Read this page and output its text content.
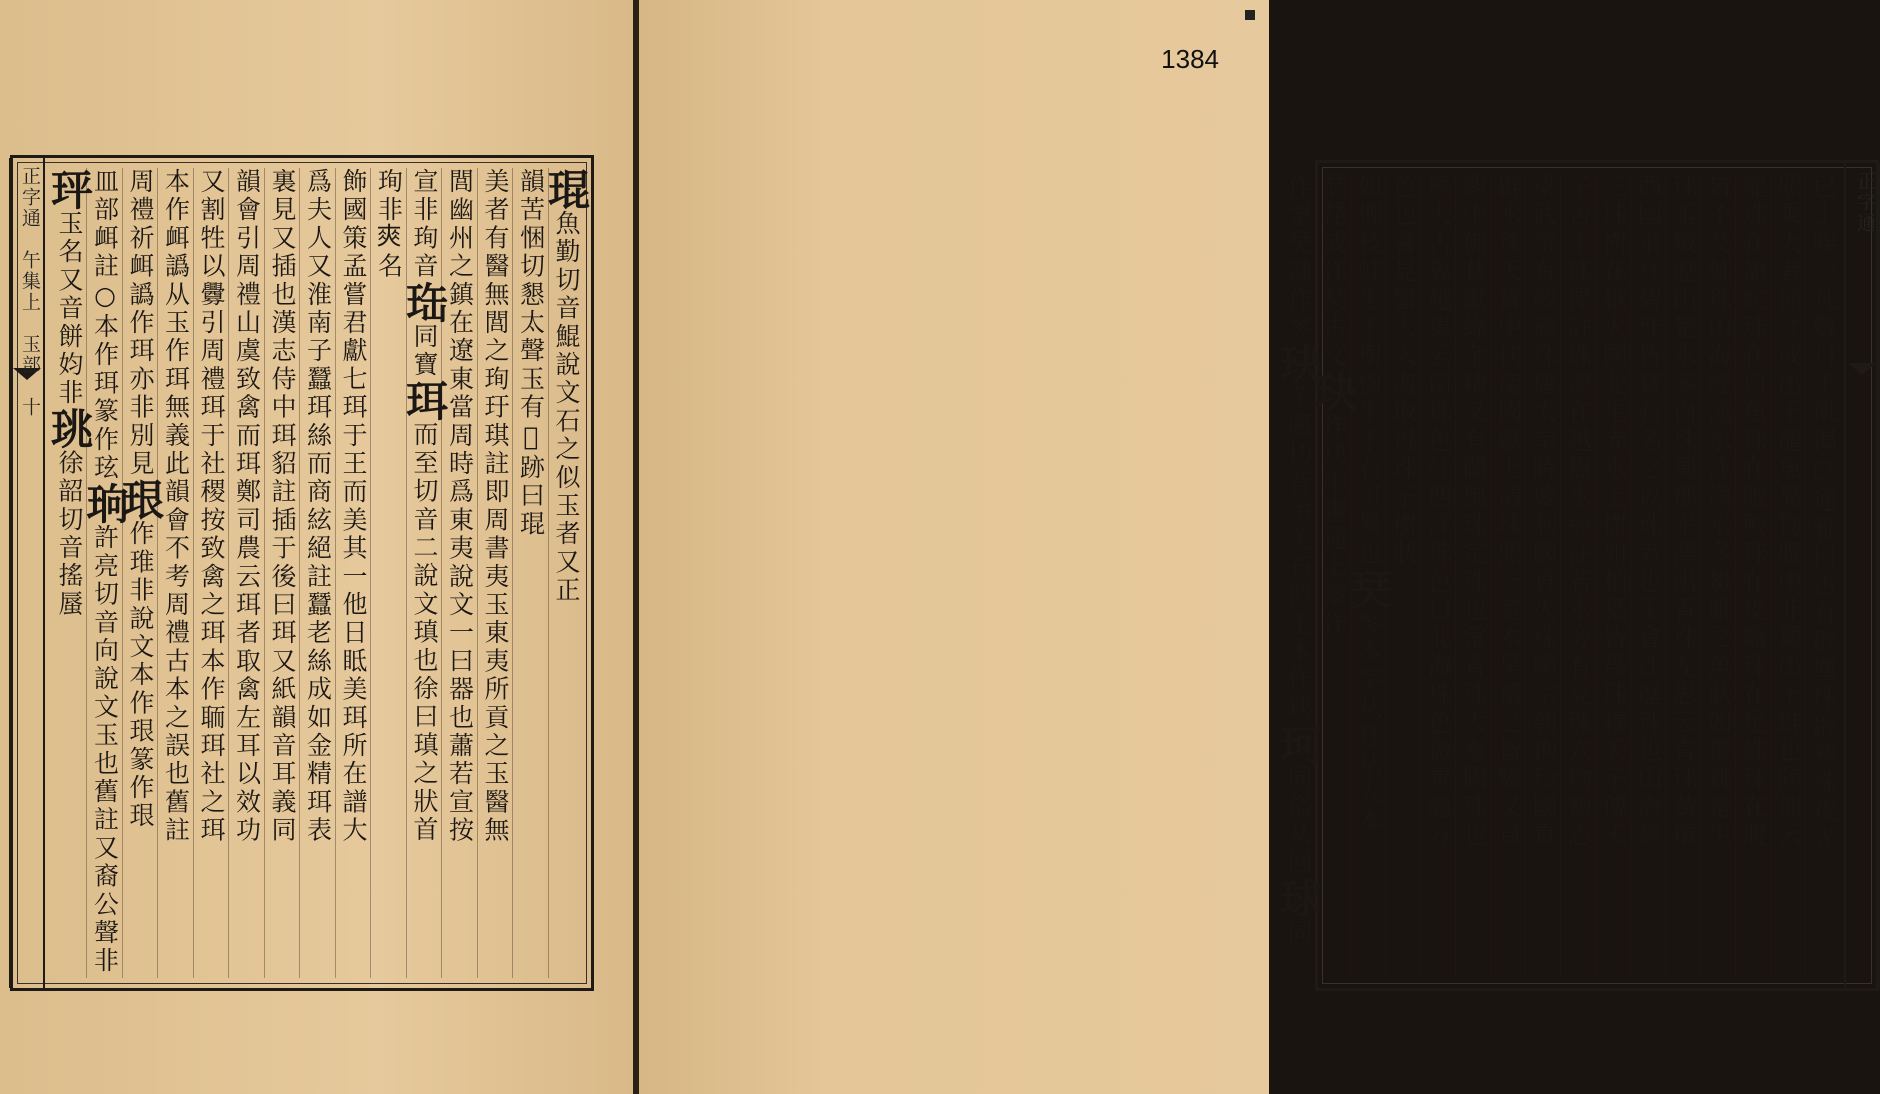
正字通　午集上　玉部　十	琨魚勤切音鯤說文石之似玉者又正
韻苦悃切懇太聲玉有𣅿跡曰琨
美者有醫無閭之珣玗琪註即周書夷玉東夷所貢之玉醫無
閭幽州之鎮在遼東當周時爲東夷說文一曰器也蕭若宣按
宣非珣音珤同寶珥而至切音二說文瑱也徐曰瑱之狀首
珣非𡙁名
飾國策孟嘗君獻七珥于王而美其一他日眡美珥所在譜大
爲夫人又淮南子蠶珥絲而商絃絕註蠶老絲成如金精珥表
裏見又插也漢志侍中珥貂註插于後曰珥又紙韻音耳義同
韻會引周禮山虞致禽而珥鄭司農云珥者取禽左耳以效功
又割牲以釁引周禮珥于社稷按致禽之珥本作聏珥社之珥
本作衈譌从玉作珥無義此韻會不考周禮古本之誤也舊註
周禮祈衈譌作珥亦非別見珢作琟非說文本作珢篆作珢
皿部衈註○本作珥篆作玹珦許亮切音向說文玉也舊註又裔公聲非
玶玉名又音餅㚬非珧徐韶切音搖蜃
正字通
已上唉一凡數日不飢渴○通雅曰古有辟塵珠辟寒珠夜光
照乘大者徑寸或出于龍魚異物腹中非獨出于蚌也陸佃云
龍珠在頷蛇珠在口魚珠在眼鮫珠在皮鼈珠在足蛛珠在腹
皆不及蚌珠山海經澨水注漢水多鱟魮之魚狀如覆銚是生
珠玉數歷山楚水多白珠蜀郡平澤出青珠左思云青珠黃環
西國琅玕碧珠皆寶石名之以珠者也王會江歷珠也山海經
三珠樹在厭火國北生赤水上樹如柏葉皆爲珠穆天子傳天
子舍于珠澤註珠澤在越巂水經注若水旁有兗珠穴物類志
梁武帝有鮫鶴珠唐太宗時婆利國貢火珠順宗朝拘珍國貢
辟水珠天寶中扶南國獻上清珠照一室木旱禱之皆驗又貞
觀中佛菻獻綠金精又有闢風珠定珠也常青珠大秦國珠也
熊大古冀越集云南珠色紅西洋珠色白北海珠色微青隨方
色也嘗見蠻人入海取得珠子樹狀
如柳枝蚌生于樹樹生于石可異也珡琴本字从玨从人本
瑟琵或作珡古文玦作玦中畫通上篆作
作鎜珡隷作琴玦芊㕓切音余美石似玉本作玦珂同俗从回球同
1384
